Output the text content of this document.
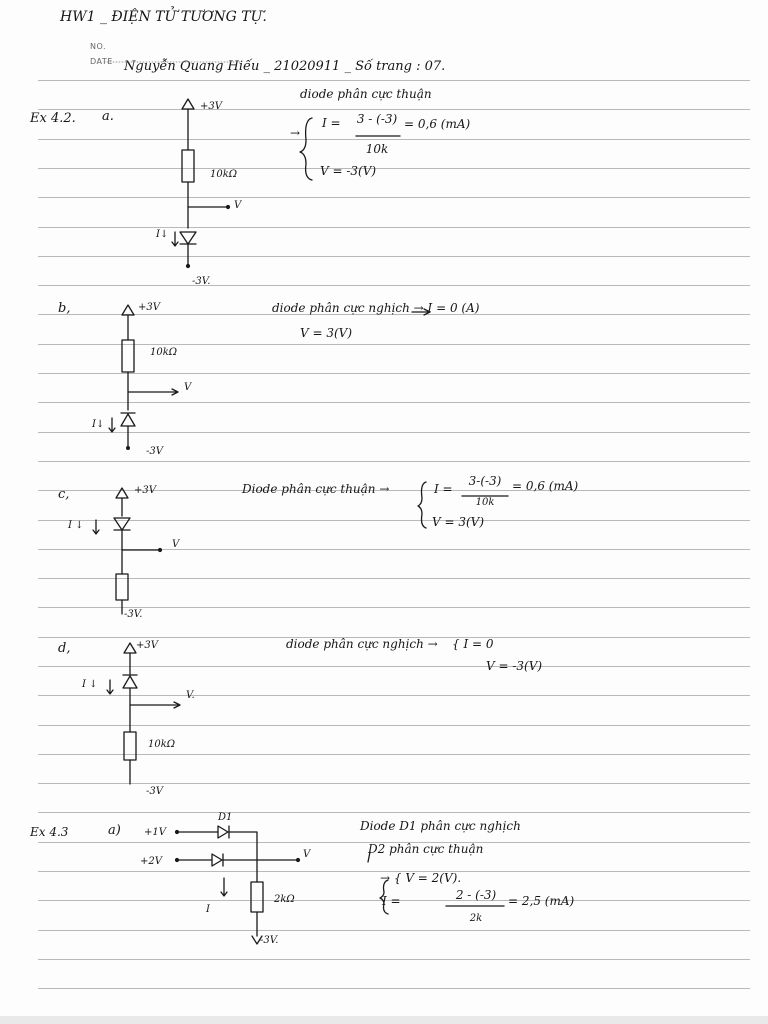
HW1 _ ĐIỆN TỬ TƯƠNG TỰ.
NO.
DATE Nguyễn Quang Hiếu _ 21020911 _ Số trang : 07.
Ex 4.2. a.
+3V
10kΩ
V
I↓
-3V.
diode phân cực thuận
→
I = 3 - (-3)
10k
= 0,6 (mA)
V = -3(V)
b,	+3V
10kΩ
V
I↓
-3V
diode phân cực nghịch → I = 0 (A)
V = 3(V)
c,	+3V
I ↓
V
-3V.
Diode phân cực thuận →	I =
3-(-3)
10k
= 0,6 (mA)
V = 3(V)
d,	+3V
I ↓
V.
10kΩ
-3V
diode phân cực nghịch → { I = 0
V = -3(V)
Ex 4.3	a) +1V
+2V
D1
V
I
2kΩ
-3V.
Diode D1 phân cực nghịch
D2 phân cực thuận
→ { V = 2(V).
I =	2 - (-3)
2k
= 2,5 (mA)
